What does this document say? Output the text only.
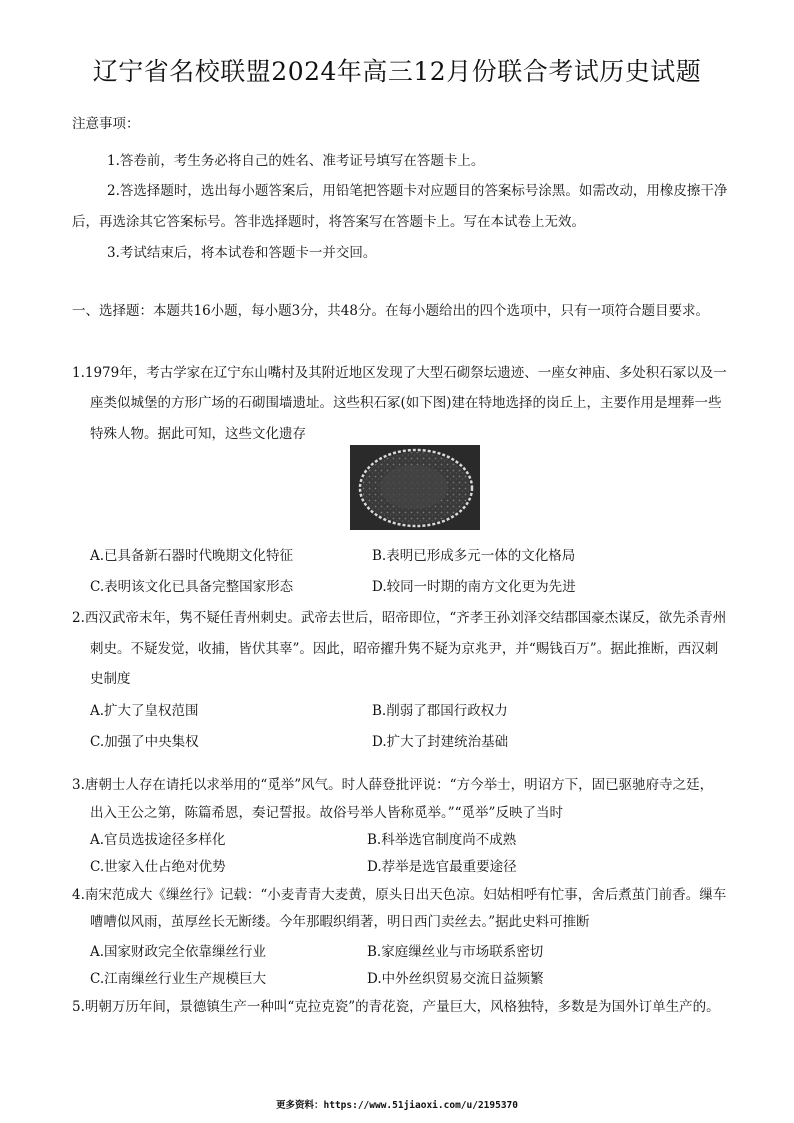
辽宁省名校联盟2024年高三12月份联合考试历史试题
注意事项：
1.答卷前，考生务必将自己的姓名、准考证号填写在答题卡上。
2.答选择题时，选出每小题答案后，用铅笔把答题卡对应题目的答案标号涂黑。如需改动，用橡皮擦干净
后，再选涂其它答案标号。答非选择题时，将答案写在答题卡上。写在本试卷上无效。
3.考试结束后，将本试卷和答题卡一并交回。
一、选择题：本题共16小题，每小题3分，共48分。在每小题给出的四个选项中，只有一项符合题目要求。
1.1979年，考古学家在辽宁东山嘴村及其附近地区发现了大型石砌祭坛遗迹、一座女神庙、多处积石冢以及一
座类似城堡的方形广场的石砌围墙遗址。这些积石冢(如下图)建在特地选择的岗丘上，主要作用是埋葬一些
特殊人物。据此可知，这些文化遗存
A.已具备新石器时代晚期文化特征	B.表明已形成多元一体的文化格局
C.表明该文化已具备完整国家形态	D.较同一时期的南方文化更为先进
2.西汉武帝末年，隽不疑任青州刺史。武帝去世后，昭帝即位，“齐孝王孙刘泽交结郡国豪杰谋反，欲先杀青州
刺史。不疑发觉，收捕，皆伏其辜”。因此，昭帝擢升隽不疑为京兆尹，并“赐钱百万”。据此推断，西汉刺
史制度
A.扩大了皇权范围	B.削弱了郡国行政权力
C.加强了中央集权	D.扩大了封建统治基础
3.唐朝士人存在请托以求举用的“觅举”风气。时人薛登批评说：“方今举士，明诏方下，固已驱驰府寺之廷，
出入王公之第，陈篇希恩，奏记誓报。故俗号举人皆称觅举。”“觅举”反映了当时
A.官员选拔途径多样化	B.科举选官制度尚不成熟
C.世家入仕占绝对优势	D.荐举是选官最重要途径
4.南宋范成大《缫丝行》记载：“小麦青青大麦黄，原头日出天色凉。妇姑相呼有忙事，舍后煮茧门前香。缫车
嘈嘈似风雨，茧厚丝长无断缕。今年那暇织绢著，明日西门卖丝去。”据此史料可推断
A.国家财政完全依靠缫丝行业	B.家庭缫丝业与市场联系密切
C.江南缫丝行业生产规模巨大	D.中外丝织贸易交流日益频繁
5.明朝万历年间，景德镇生产一种叫“克拉克瓷”的青花瓷，产量巨大，风格独特，多数是为国外订单生产的。
更多资料：https://www.51jiaoxi.com/u/2195370
